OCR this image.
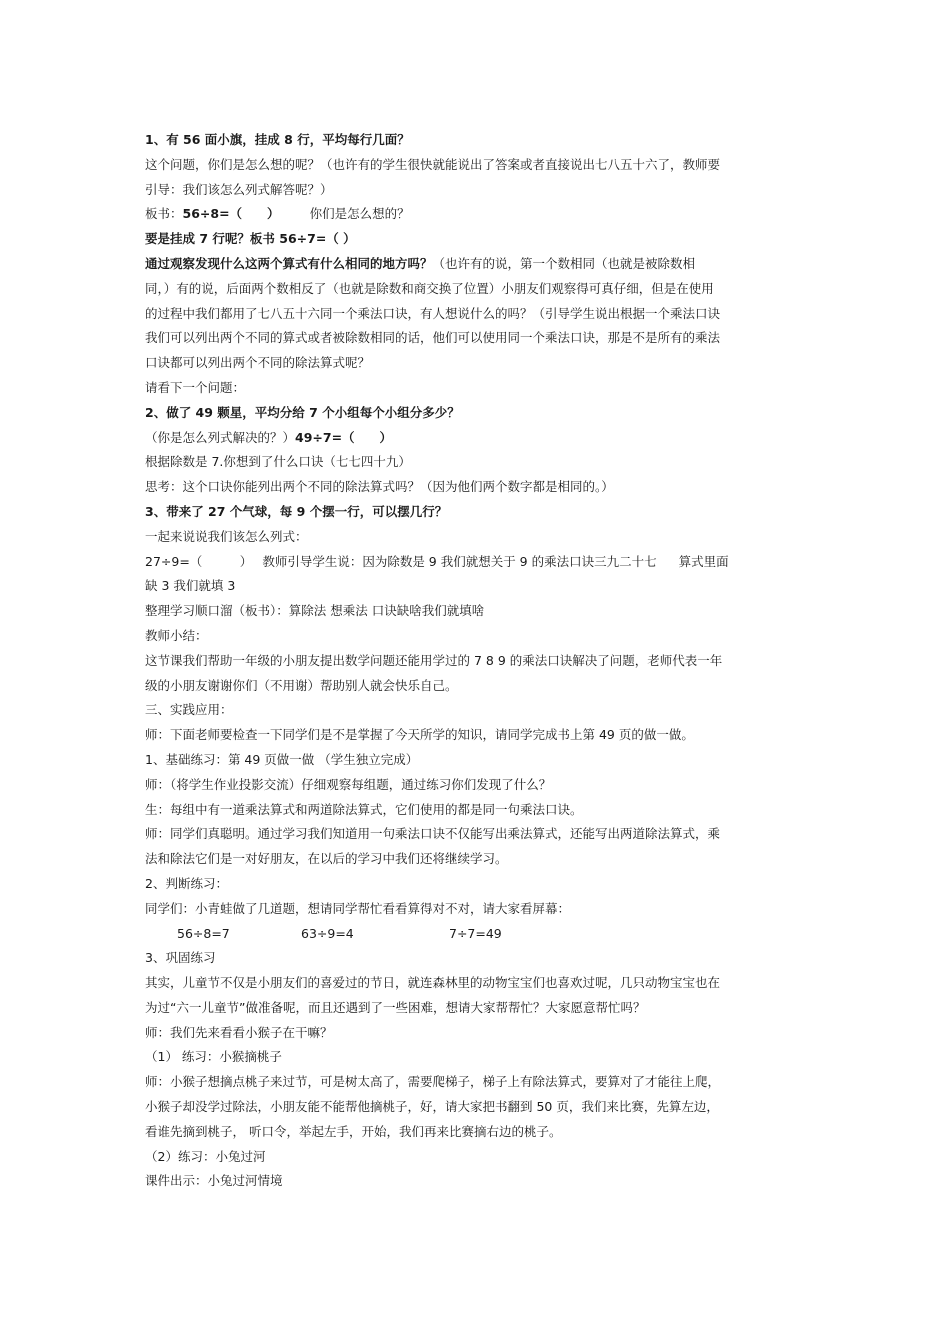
1、有 56 面小旗，挂成 8 行，平均每行几面？
这个问题，你们是怎么想的呢？（也许有的学生很快就能说出了答案或者直接说出七八五十六了，教师要
引导：我们该怎么列式解答呢？）
板书：56÷8=（　　） 你们是怎么想的？
要是挂成 7 行呢？板书 56÷7=（ ）
通过观察发现什么这两个算式有什么相同的地方吗？（也许有的说，第一个数相同（也就是被除数相
同，）有的说，后面两个数相反了（也就是除数和商交换了位置）小朋友们观察得可真仔细，但是在使用
的过程中我们都用了七八五十六同一个乘法口诀，有人想说什么的吗？（引导学生说出根据一个乘法口诀
我们可以列出两个不同的算式或者被除数相同的话，他们可以使用同一个乘法口诀，那是不是所有的乘法
口诀都可以列出两个不同的除法算式呢？
请看下一个问题：
2、做了 49 颗星，平均分给 7 个小组每个小组分多少？
（你是怎么列式解决的？）49÷7=（　　）
根据除数是 7.你想到了什么口诀（七七四十九）
思考：这个口诀你能列出两个不同的除法算式吗？（因为他们两个数字都是相同的。）
3、带来了 27 个气球，每 9 个摆一行，可以摆几行？
一起来说说我们该怎么列式：
27÷9=（　　　） 教师引导学生说：因为除数是 9 我们就想关于 9 的乘法口诀三九二十七 算式里面
缺 3 我们就填 3
整理学习顺口溜（板书）：算除法 想乘法 口诀缺啥我们就填啥
教师小结：
这节课我们帮助一年级的小朋友提出数学问题还能用学过的 7 8 9 的乘法口诀解决了问题，老师代表一年
级的小朋友谢谢你们（不用谢）帮助别人就会快乐自己。
三、实践应用：
师：下面老师要检查一下同学们是不是掌握了今天所学的知识，请同学完成书上第 49 页的做一做。
1、基础练习：第 49 页做一做 （学生独立完成）
师：（将学生作业投影交流）仔细观察每组题，通过练习你们发现了什么？
生：每组中有一道乘法算式和两道除法算式，它们使用的都是同一句乘法口诀。
师：同学们真聪明。通过学习我们知道用一句乘法口诀不仅能写出乘法算式，还能写出两道除法算式，乘
法和除法它们是一对好朋友，在以后的学习中我们还将继续学习。
2、判断练习：
同学们：小青蛙做了几道题，想请同学帮忙看看算得对不对，请大家看屏幕：
56÷8=7	63÷9=4	7÷7=49
3、巩固练习
其实，儿童节不仅是小朋友们的喜爱过的节日，就连森林里的动物宝宝们也喜欢过呢，几只动物宝宝也在
为过“六一儿童节”做准备呢，而且还遇到了一些困难，想请大家帮帮忙？大家愿意帮忙吗？
师：我们先来看看小猴子在干嘛？
（1） 练习：小猴摘桃子
师：小猴子想摘点桃子来过节，可是树太高了，需要爬梯子，梯子上有除法算式，要算对了才能往上爬，
小猴子却没学过除法，小朋友能不能帮他摘桃子，好，请大家把书翻到 50 页，我们来比赛，先算左边，
看谁先摘到桃子， 听口令，举起左手，开始，我们再来比赛摘右边的桃子。
（2）练习：小兔过河
课件出示：小兔过河情境
